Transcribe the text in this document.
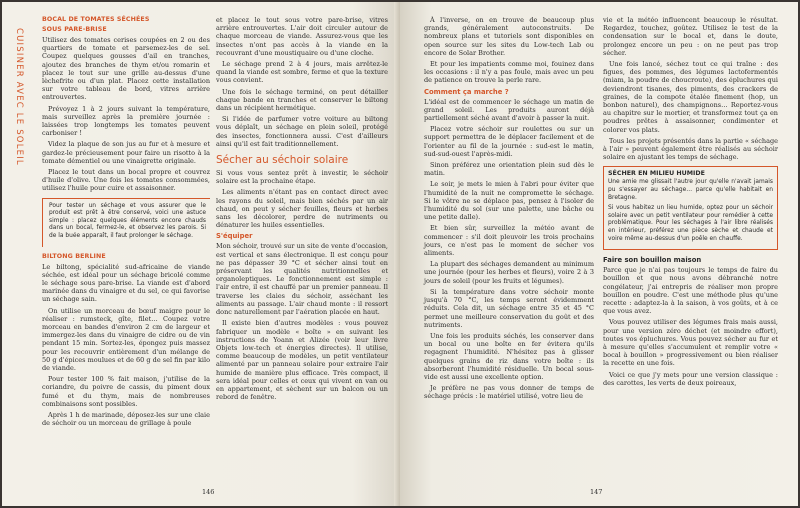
CUISINER AVEC LE SOLEIL
BOCAL DE TOMATES SÉCHÉES
SOUS PARE-BRISE

Utilisez des tomates cerises coupées en 2 ou des quartiers de tomate et parsemez-les de sel. Coupez quelques gousses d'ail en tranches, ajoutez des branches de thym et/ou romarin et placez le tout sur une grille au-dessus d'une lèchefrite ou d'un plat. Placez cette installation sur votre tableau de bord, vitres arrière entrouvertes.

Prévoyez 1 à 2 jours suivant la température, mais surveillez après la première journée : laissées trop longtemps les tomates peuvent carboniser !

Videz la plaque de son jus au fur et à mesure et gardez-le précieusement pour faire un risotto à la tomate démentiel ou une vinaigrette originale.

Placez le tout dans un bocal propre et couvrez d'huile d'olive. Une fois les tomates consommées, utilisez l'huile pour cuire et assaisonner.

Pour tester un séchage et vous assurer que le produit est prêt à être conservé, voici une astuce simple : placez quelques éléments encore chauds dans un bocal, fermez-le, et observez les parois. Si de la buée apparaît, il faut prolonger le séchage.

BILTONG BERLINE

Le biltong, spécialité sud-africaine de viande séchée, est idéal pour un séchage bricolé comme le séchage sous pare-brise. La viande est d'abord marinée dans du vinaigre et du sel, ce qui favorise un séchage sain.

On utilise un morceau de bœuf maigre pour le réaliser : rumsteck, gîte, filet… Coupez votre morceau en bandes d'environ 2 cm de largeur et immergez-les dans du vinaigre de cidre ou de vin pendant 15 min. Sortez-les, épongez puis massez pour les recouvrir entièrement d'un mélange de 50 g d'épices moulues et de 60 g de sel fin par kilo de viande.

Pour tester 100 % fait maison, j'utilise de la coriandre, du poivre de cassis, du piment doux fumé et du thym, mais de nombreuses combinaisons sont possibles.

Après 1 h de marinade, déposez-les sur une claie de séchoir ou un morceau de grillage à poule

et placez le tout sous votre pare-brise, vitres arrière entrouvertes. L'air doit circuler autour de chaque morceau de viande. Assurez-vous que les insectes n'ont pas accès à la viande en la recouvrant d'une moustiquaire ou d'une cloche.

Le séchage prend 2 à 4 jours, mais arrêtez-le quand la viande est sombre, ferme et que la texture vous convient.

Une fois le séchage terminé, on peut détailler chaque bande en tranches et conserver le biltong dans un récipient hermétique.

Si l'idée de parfumer votre voiture au biltong vous déplaît, un séchage en plein soleil, protégé des insectes, fonctionnera aussi. C'est d'ailleurs ainsi qu'il est fait traditionnellement.

Sécher au séchoir solaire

Si vous vous sentez prêt à investir, le séchoir solaire est la prochaine étape.

Les aliments n'étant pas en contact direct avec les rayons du soleil, mais bien séchés par un air chaud, on peut y sécher feuilles, fleurs et herbes sans les décolorer, perdre de nutriments ou dénaturer les huiles essentielles.

S'équiper

Mon séchoir, trouvé sur un site de vente d'occasion, est vertical et sans électronique. Il est conçu pour ne pas dépasser 39 °C et sécher ainsi tout en préservant les qualités nutritionnelles et organoleptiques. Le fonctionnement est simple : l'air entre, il est chauffé par un premier panneau. Il traverse les claies du séchoir, asséchant les aliments au passage. L'air chaud monte : il ressort donc naturellement par l'aération placée en haut.

Il existe bien d'autres modèles : vous pouvez fabriquer un modèle « boîte » en suivant les instructions de Yoann et Alizée (voir leur livre Objets low-tech et énergies directes). Il utilise, comme beaucoup de modèles, un petit ventilateur alimenté par un panneau solaire pour extraire l'air humide de manière plus efficace. Très compact, il sera idéal pour celles et ceux qui vivent en van ou en appartement, et sèchent sur un balcon ou un rebord de fenêtre.

146

À l'inverse, on en trouve de beaucoup plus grands, généralement autoconstruits. De nombreux plans et tutoriels sont disponibles en open source sur les sites du Low-tech Lab ou encore de Solar Brother.

Et pour les impatients comme moi, fouinez dans les occasions : il n'y a pas foule, mais avec un peu de patience on trouve la perle rare.

Comment ça marche ?

L'idéal est de commencer le séchage un matin de grand soleil. Les produits auront déjà partiellement séché avant d'avoir à passer la nuit.

Placez votre séchoir sur roulettes ou sur un support permettra de le déplacer facilement et de l'orienter au fil de la journée : sud-est le matin, sud-sud-ouest l'après-midi.

Sinon préférez une orientation plein sud dès le matin.

Le soir, je mets le mien à l'abri pour éviter que l'humidité de la nuit ne compromette le séchage. Si le vôtre ne se déplace pas, pensez à l'isoler de l'humidité du sol (sur une palette, une bâche ou une petite dalle).

Et bien sûr, surveillez la météo avant de commencer : s'il doit pleuvoir les trois prochains jours, ce n'est pas le moment de sécher vos aliments.

La plupart des séchages demandent au minimum une journée (pour les herbes et fleurs), voire 2 à 3 jours de soleil (pour les fruits et légumes).

Si la température dans votre séchoir monte jusqu'à 70 °C, les temps seront évidemment réduits. Cela dit, un séchage entre 35 et 45 °C permet une meilleure conservation du goût et des nutriments.

Une fois les produits séchés, les conserver dans un bocal ou une boîte en fer évitera qu'ils regagnent l'humidité. N'hésitez pas à glisser quelques grains de riz dans votre boîte : ils absorberont l'humidité résiduelle. Un bocal sous-vide est aussi une excellente option.

Je préfère ne pas vous donner de temps de séchage précis : le matériel utilisé, votre lieu de

vie et la météo influencent beaucoup le résultat. Regardez, touchez, goûtez. Utilisez le test de la condensation sur le bocal et, dans le doute, prolongez encore un peu : on ne peut pas trop sécher.

Une fois lancé, séchez tout ce qui traîne : des figues, des pommes, des légumes lactofermentés (miam, la poudre de choucroute), des épluchures qui deviendront tisanes, des piments, des crackers de graines, de la compote étalée finement (hop, un bonbon naturel), des champignons… Reportez-vous au chapitre sur le mortier, et transformez tout ça en poudres prêtes à assaisonner, condimenter et colorer vos plats.

Tous les projets présentés dans la partie « séchage à l'air » peuvent également être réalisés au séchoir solaire en ajustant les temps de séchage.

SÉCHER EN MILIEU HUMIDE

Une amie me glissait l'autre jour qu'elle n'avait jamais pu s'essayer au séchage… parce qu'elle habitait en Bretagne.

Si vous habitez un lieu humide, optez pour un séchoir solaire avec un petit ventilateur pour remédier à cette problématique. Pour les séchages à l'air libre réalisés en intérieur, préférez une pièce sèche et chaude et voire même au-dessus d'un poêle en chauffe.

Faire son bouillon maison

Parce que je n'ai pas toujours le temps de faire du bouillon et que nous avons débranché notre congélateur, j'ai entrepris de réaliser mon propre bouillon en poudre. C'est une méthode plus qu'une recette : adaptez-la à la saison, à vos goûts, et à ce que vous avez.

Vous pouvez utiliser des légumes frais mais aussi, pour une version zéro déchet (et moindre effort), toutes vos épluchures. Vous pouvez sécher au fur et à mesure qu'elles s'accumulent et remplir votre « bocal à bouillon » progressivement ou bien réaliser la recette en une fois.

Voici ce que j'y mets pour une version classique : des carottes, les verts de deux poireaux,

147
